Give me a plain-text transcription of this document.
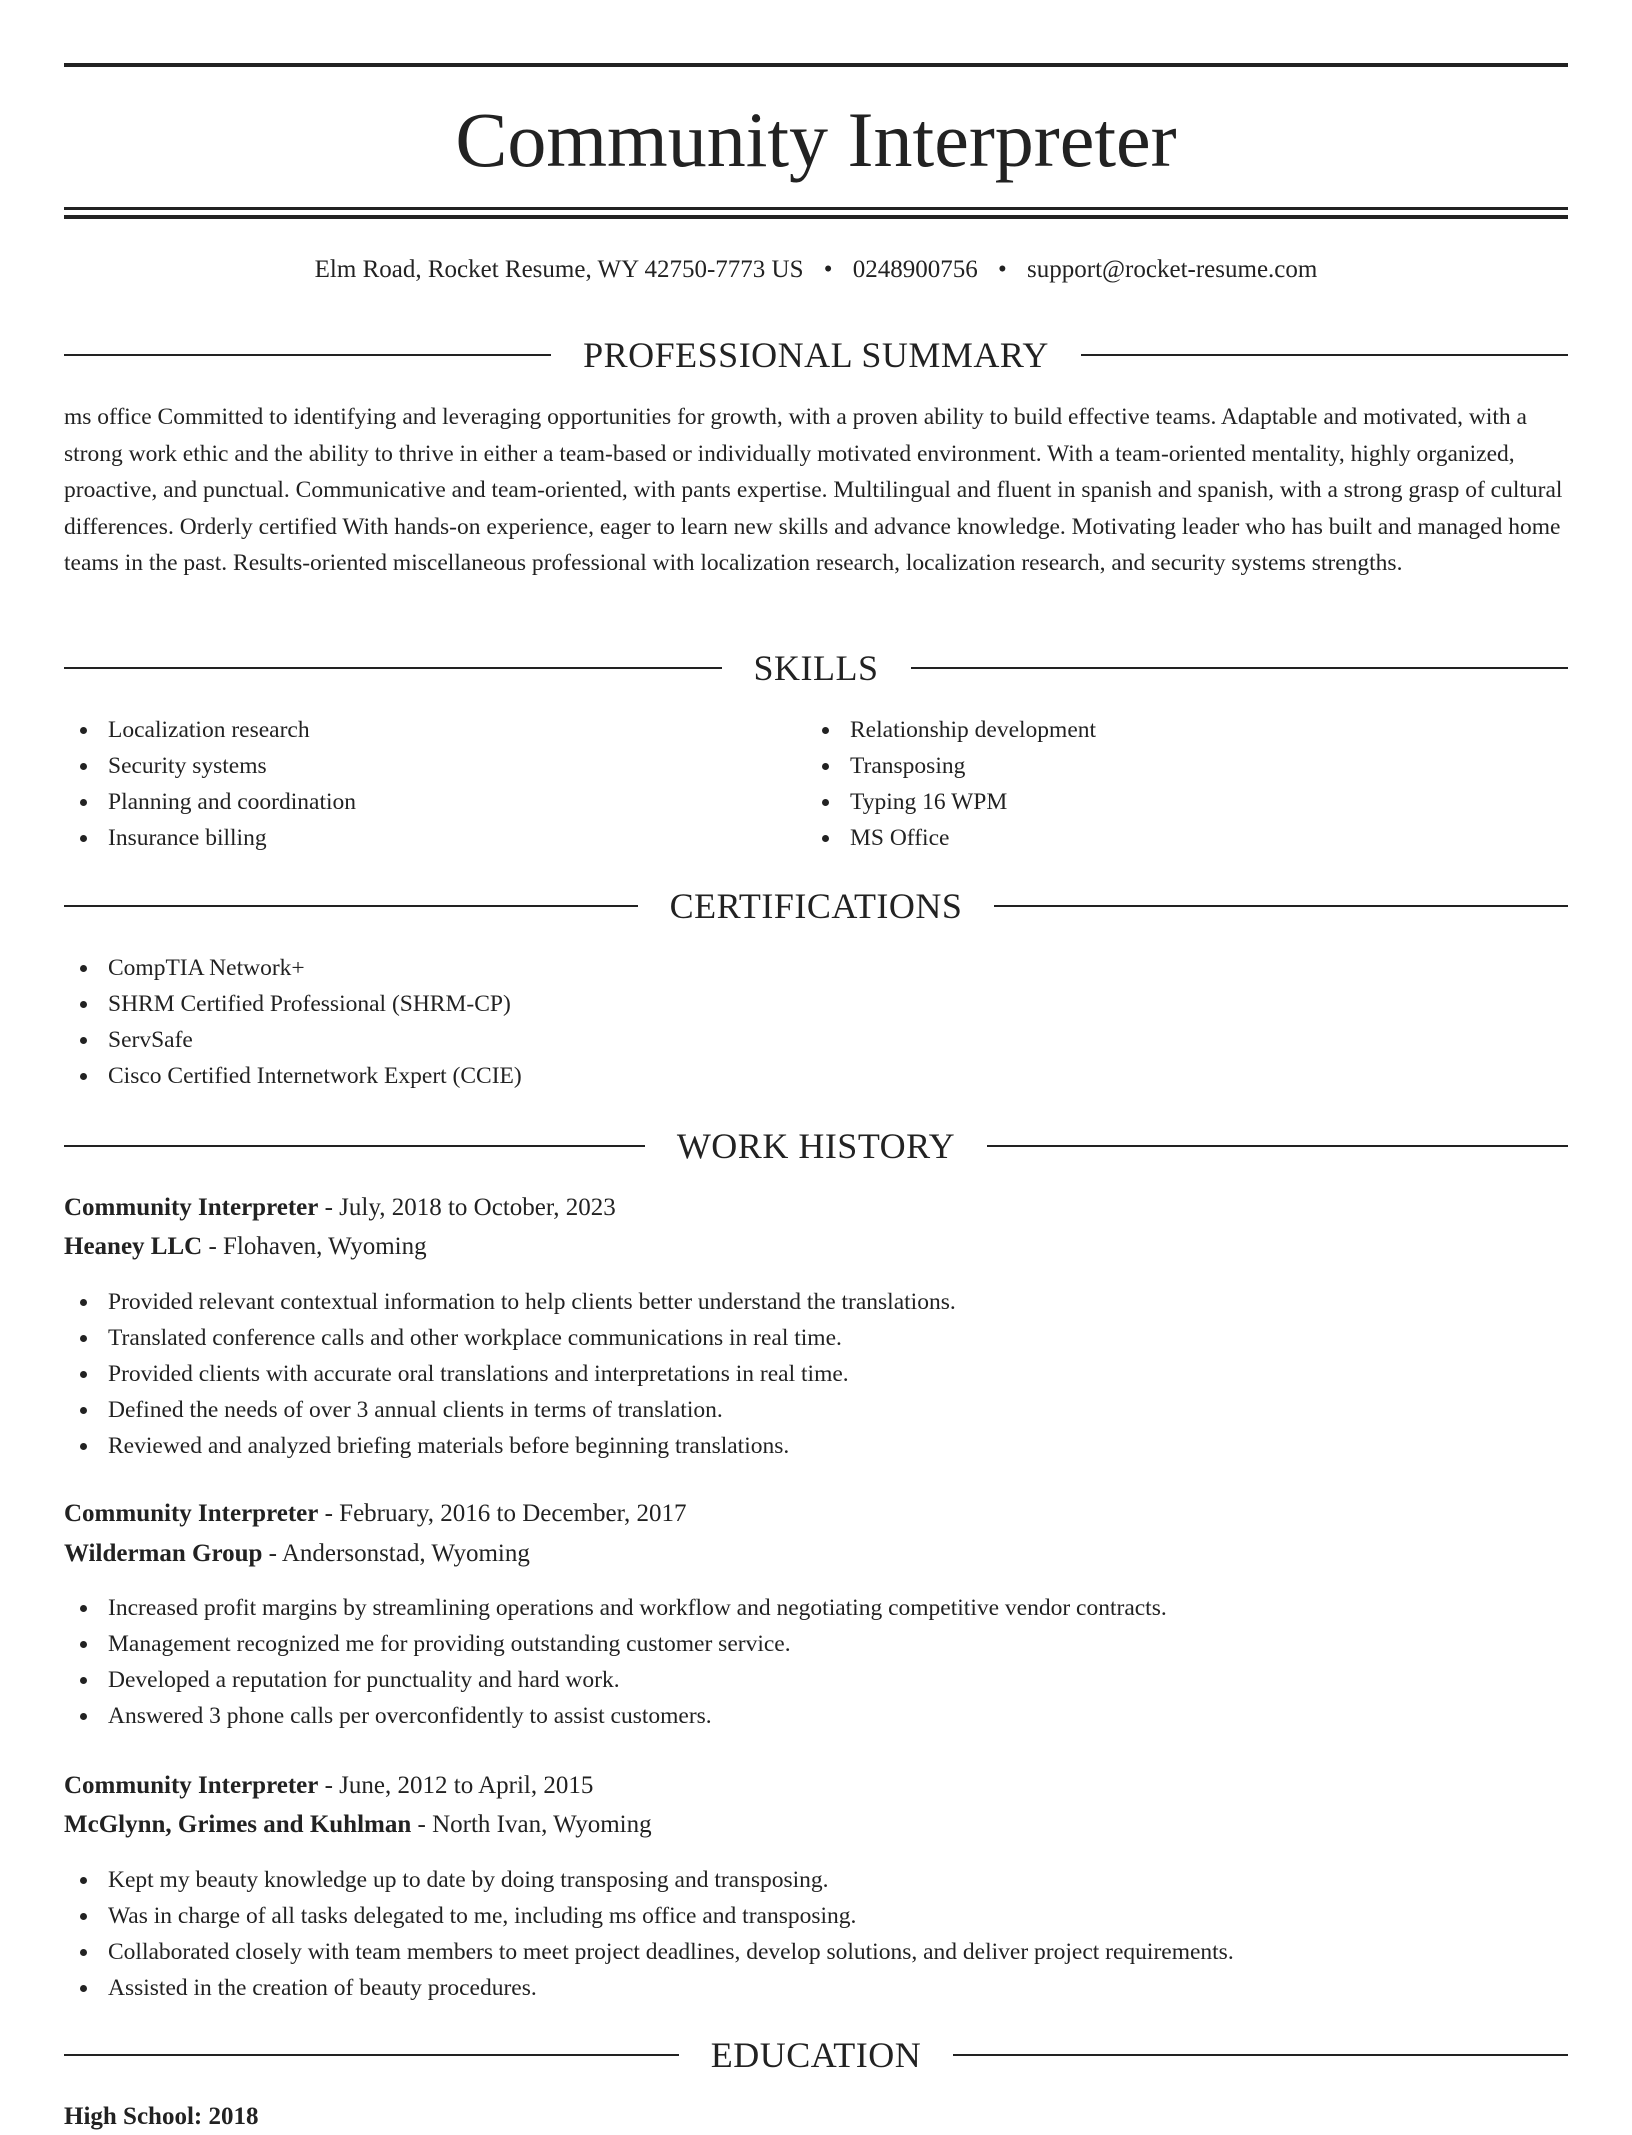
Community Interpreter
Elm Road, Rocket Resume, WY 42750-7773 US • 0248900756 • support@rocket-resume.com
PROFESSIONAL SUMMARY

ms office Committed to identifying and leveraging opportunities for growth, with a proven ability to build effective teams. Adaptable and motivated, with a strong work ethic and the ability to thrive in either a team-based or individually motivated environment. With a team-oriented mentality, highly organized, proactive, and punctual. Communicative and team-oriented, with pants expertise. Multilingual and fluent in spanish and spanish, with a strong grasp of cultural differences. Orderly certified With hands-on experience, eager to learn new skills and advance knowledge. Motivating leader who has built and managed home teams in the past. Results-oriented miscellaneous professional with localization research, localization research, and security systems strengths.

SKILLS
Localization research
Security systems
Planning and coordination
Insurance billing
Relationship development
Transposing
Typing 16 WPM
MS Office
CERTIFICATIONS
CompTIA Network+
SHRM Certified Professional (SHRM-CP)
ServSafe
Cisco Certified Internetwork Expert (CCIE)
WORK HISTORY
Community Interpreter - July, 2018 to October, 2023
Heaney LLC - Flohaven, Wyoming
Provided relevant contextual information to help clients better understand the translations.
Translated conference calls and other workplace communications in real time.
Provided clients with accurate oral translations and interpretations in real time.
Defined the needs of over 3 annual clients in terms of translation.
Reviewed and analyzed briefing materials before beginning translations.
Community Interpreter - February, 2016 to December, 2017
Wilderman Group - Andersonstad, Wyoming
Increased profit margins by streamlining operations and workflow and negotiating competitive vendor contracts.
Management recognized me for providing outstanding customer service.
Developed a reputation for punctuality and hard work.
Answered 3 phone calls per overconfidently to assist customers.
Community Interpreter - June, 2012 to April, 2015
McGlynn, Grimes and Kuhlman - North Ivan, Wyoming
Kept my beauty knowledge up to date by doing transposing and transposing.
Was in charge of all tasks delegated to me, including ms office and transposing.
Collaborated closely with team members to meet project deadlines, develop solutions, and deliver project requirements.
Assisted in the creation of beauty procedures.
EDUCATION
High School: 2018
